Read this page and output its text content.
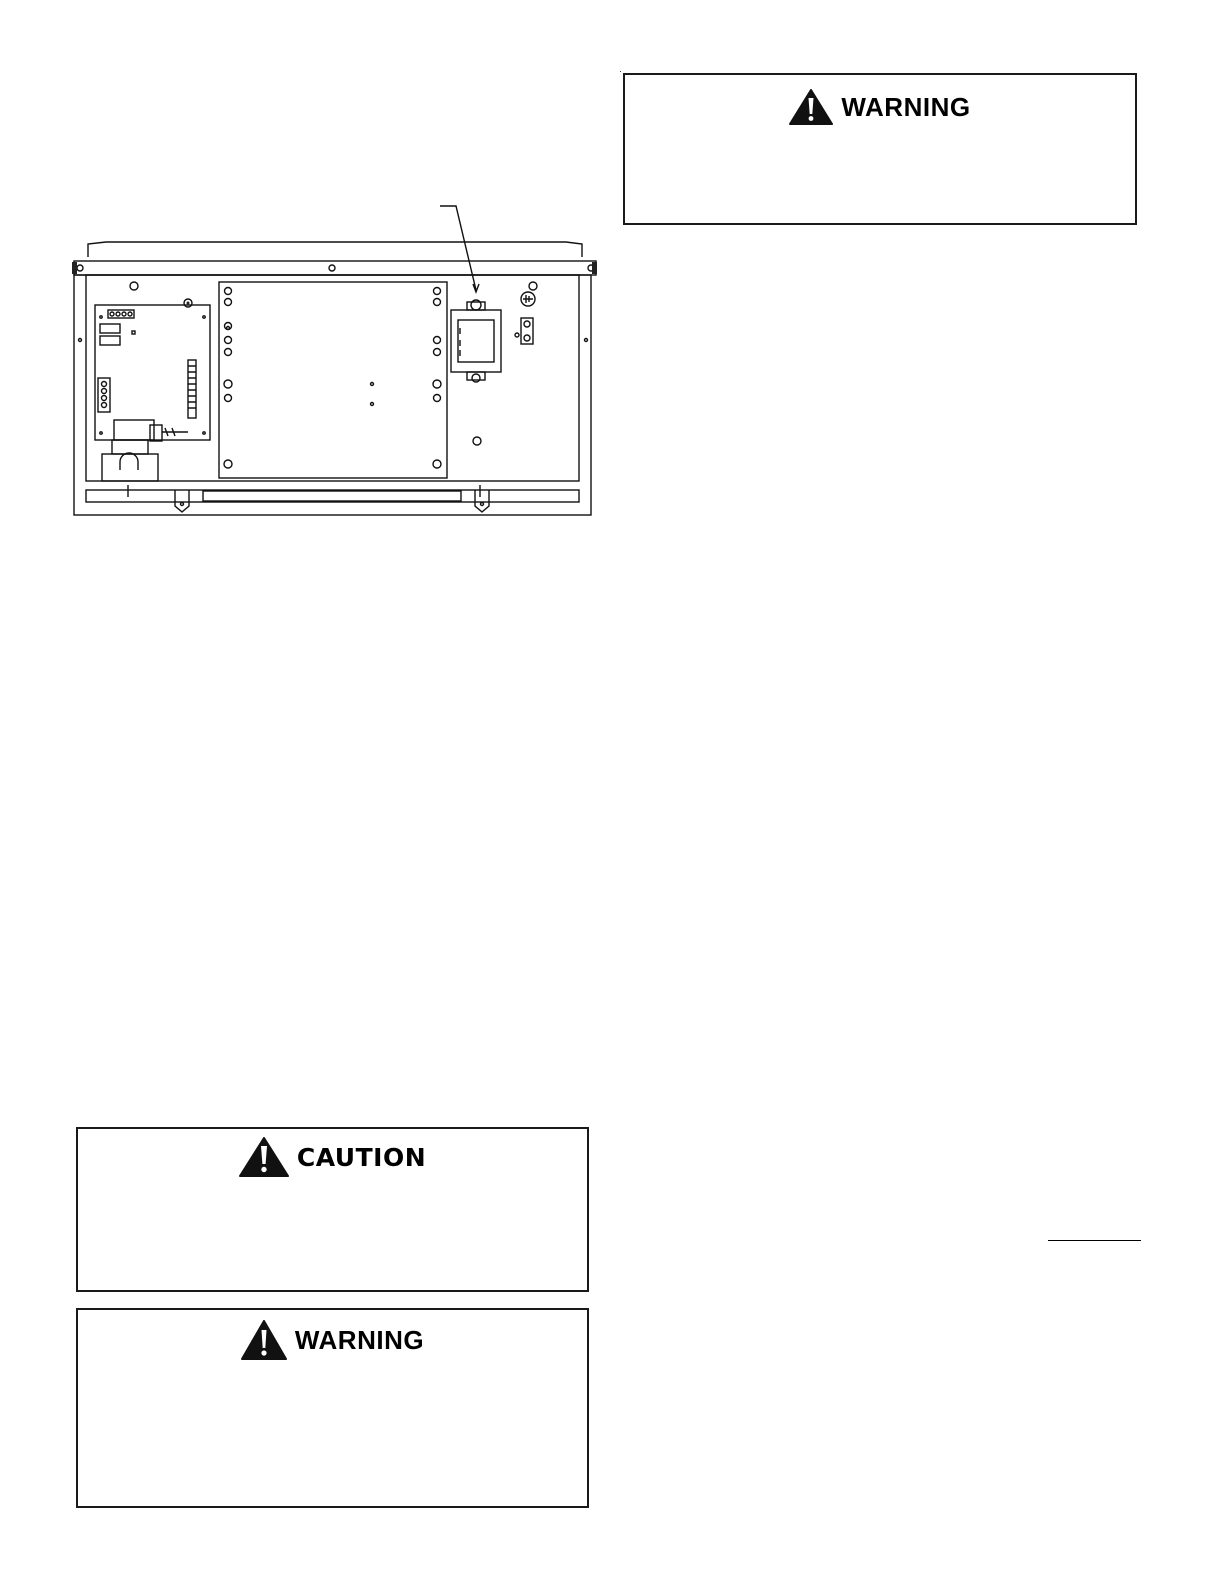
WARNING
CAUTION
WARNING
